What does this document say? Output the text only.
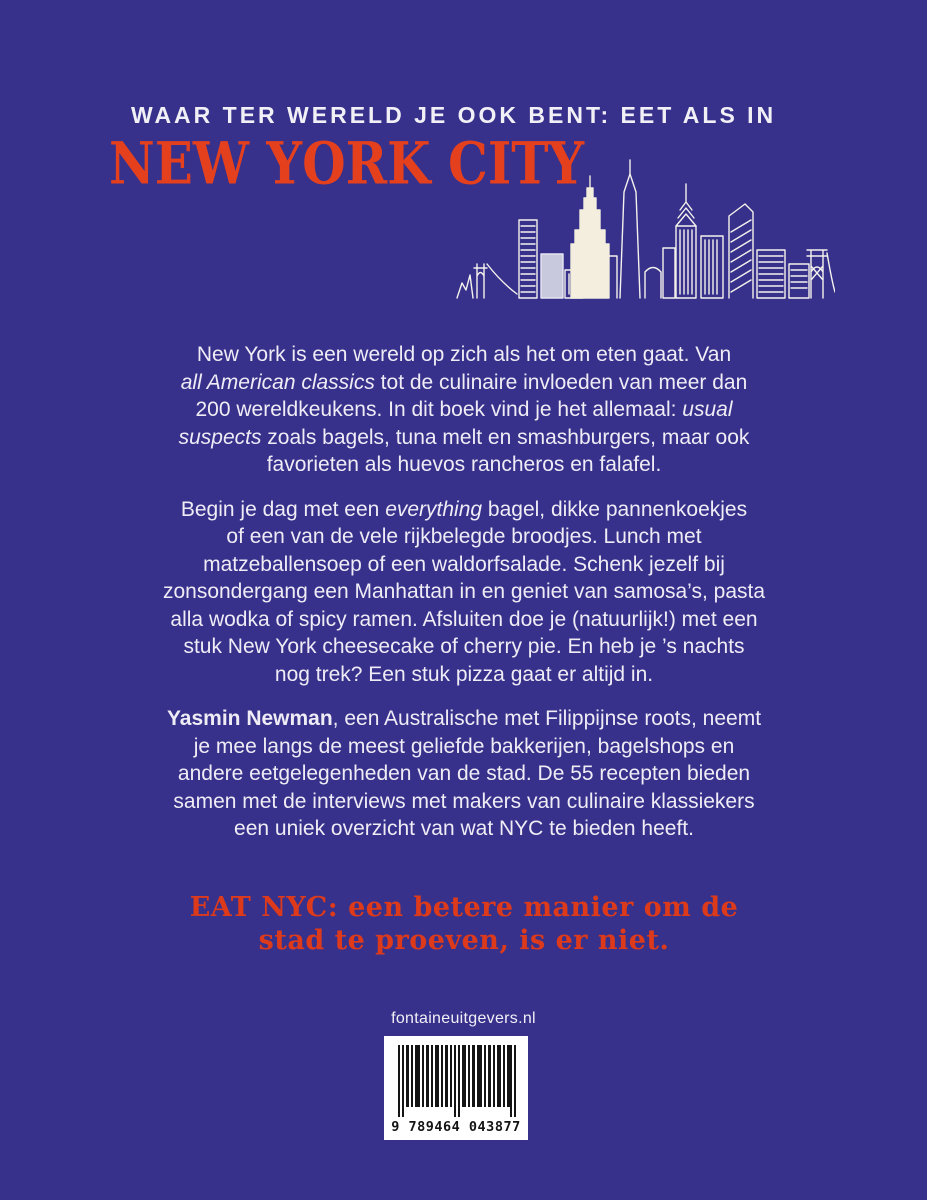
WAAR TER WERELD JE OOK BENT: EET ALS IN
NEW YORK CITY

New York is een wereld op zich als het om eten gaat. Van
all American classics tot de culinaire invloeden van meer dan
200 wereldkeukens. In dit boek vind je het allemaal: usual
suspects zoals bagels, tuna melt en smashburgers, maar ook
favorieten als huevos rancheros en falafel.

Begin je dag met een everything bagel, dikke pannenkoekjes
of een van de vele rijkbelegde broodjes. Lunch met
matzeballensoep of een waldorfsalade. Schenk jezelf bij
zonsondergang een Manhattan in en geniet van samosa’s, pasta
alla wodka of spicy ramen. Afsluiten doe je (natuurlijk!) met een
stuk New York cheesecake of cherry pie. En heb je ’s nachts
nog trek? Een stuk pizza gaat er altijd in.

Yasmin Newman, een Australische met Filippijnse roots, neemt
je mee langs de meest geliefde bakkerijen, bagelshops en
andere eetgelegenheden van de stad. De 55 recepten bieden
samen met de interviews met makers van culinaire klassiekers
een uniek overzicht van wat NYC te bieden heeft.

EAT NYC: een betere manier om de
stad te proeven, is er niet.
fontaineuitgevers.nl
9 789464 043877
